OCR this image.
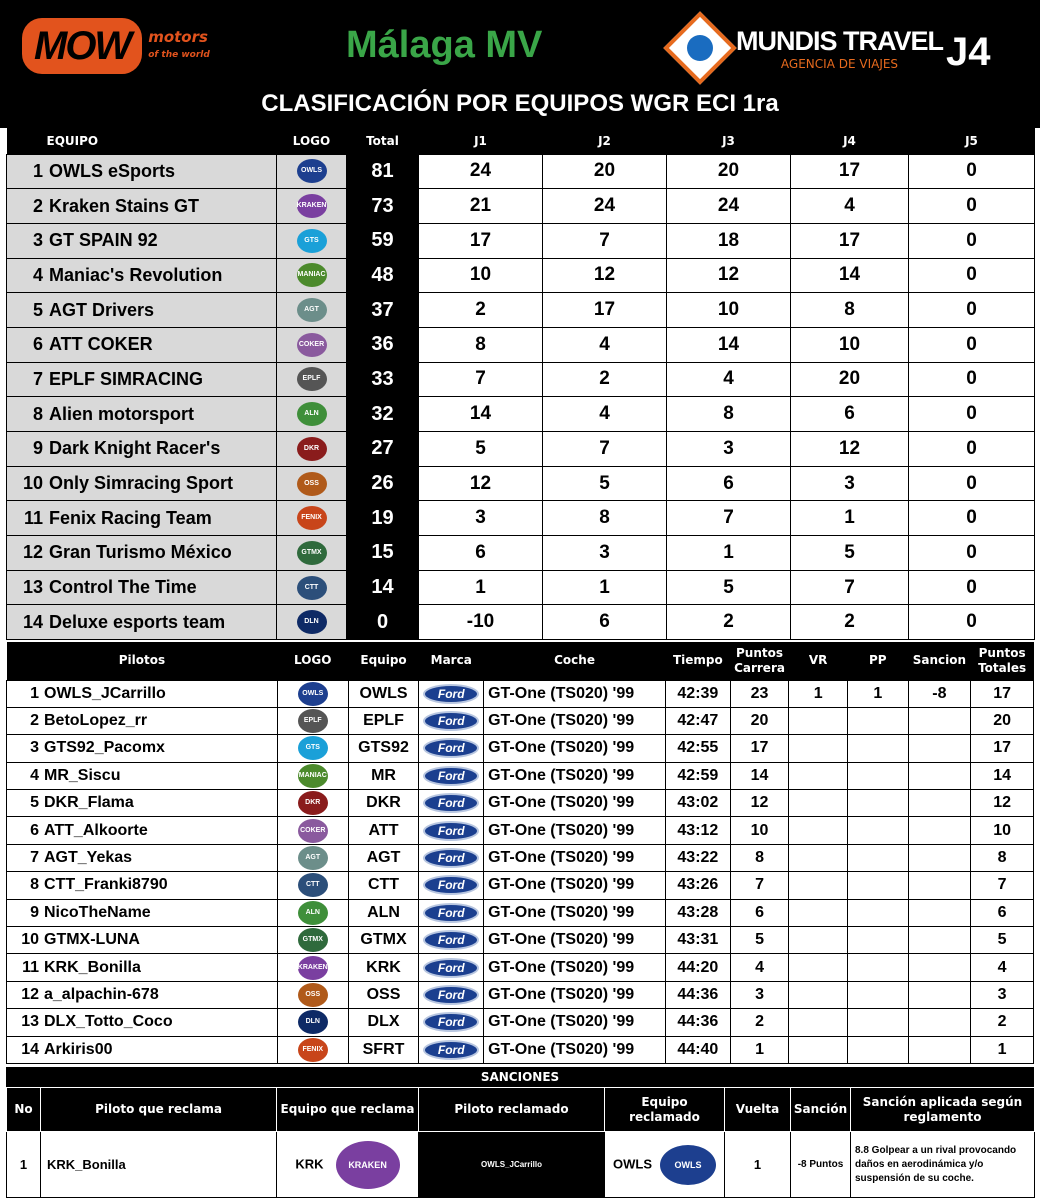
MOW	motors
of the world	Málaga MV	MUNDIS TRAVEL
AGENCIA DE VIAJES	J4
CLASIFICACIÓN POR EQUIPOS WGR ECI 1ra
EQUIPO	LOGO	Total	J1	J2	J3	J4	J5
1 OWLS eSports	OWLS	81	24	20	20	17	0
2 Kraken Stains GT	KRAKEN	73	21	24	24	4	0
3 GT SPAIN 92	GTS	59	17	7	18	17	0
4 Maniac's Revolution	MANIAC	48	10	12	12	14	0
5 AGT Drivers	AGT	37	2	17	10	8	0
6 ATT COKER	COKER	36	8	4	14	10	0
7 EPLF SIMRACING	EPLF	33	7	2	4	20	0
8 Alien motorsport	ALN	32	14	4	8	6	0
9 Dark Knight Racer's	DKR	27	5	7	3	12	0
10 Only Simracing Sport	OSS	26	12	5	6	3	0
11 Fenix Racing Team	FENIX	19	3	8	7	1	0
12 Gran Turismo México	GTMX	15	6	3	1	5	0
13 Control The Time	CTT	14	1	1	5	7	0
14 Deluxe esports team	DLN	0	-10	6	2	2	0
Pilotos	LOGO	Equipo	Marca	Coche	Tiempo	Puntos Carrera	VR	PP	Sancion	Puntos Totales
1 OWLS_JCarrillo	OWLS	OWLS	Ford	GT-One (TS020) '99	42:39	23	1	1	-8	17
2 BetoLopez_rr	EPLF	EPLF	Ford	GT-One (TS020) '99	42:47	20				20
3 GTS92_Pacomx	GTS	GTS92	Ford	GT-One (TS020) '99	42:55	17				17
4 MR_Siscu	MANIAC	MR	Ford	GT-One (TS020) '99	42:59	14				14
5 DKR_Flama	DKR	DKR	Ford	GT-One (TS020) '99	43:02	12				12
6 ATT_Alkoorte	COKER	ATT	Ford	GT-One (TS020) '99	43:12	10				10
7 AGT_Yekas	AGT	AGT	Ford	GT-One (TS020) '99	43:22	8				8
8 CTT_Franki8790	CTT	CTT	Ford	GT-One (TS020) '99	43:26	7				7
9 NicoTheName	ALN	ALN	Ford	GT-One (TS020) '99	43:28	6				6
10 GTMX-LUNA	GTMX	GTMX	Ford	GT-One (TS020) '99	43:31	5				5
11 KRK_Bonilla	KRAKEN	KRK	Ford	GT-One (TS020) '99	44:20	4				4
12 a_alpachin-678	OSS	OSS	Ford	GT-One (TS020) '99	44:36	3				3
13 DLX_Totto_Coco	DLN	DLX	Ford	GT-One (TS020) '99	44:36	2				2
14 Arkiris00	FENIX	SFRT	Ford	GT-One (TS020) '99	44:40	1				1
SANCIONES
No	Piloto que reclama	Equipo que reclama	Piloto reclamado	Equipo reclamado	Vuelta	Sanción	Sanción aplicada según reglamento
1	KRK_Bonilla	KRK KRAKEN	OWLS_JCarrillo	OWLS OWLS	1	-8 Puntos	8.8 Golpear a un rival provocando daños en aerodinámica y/o suspensión de su coche.
